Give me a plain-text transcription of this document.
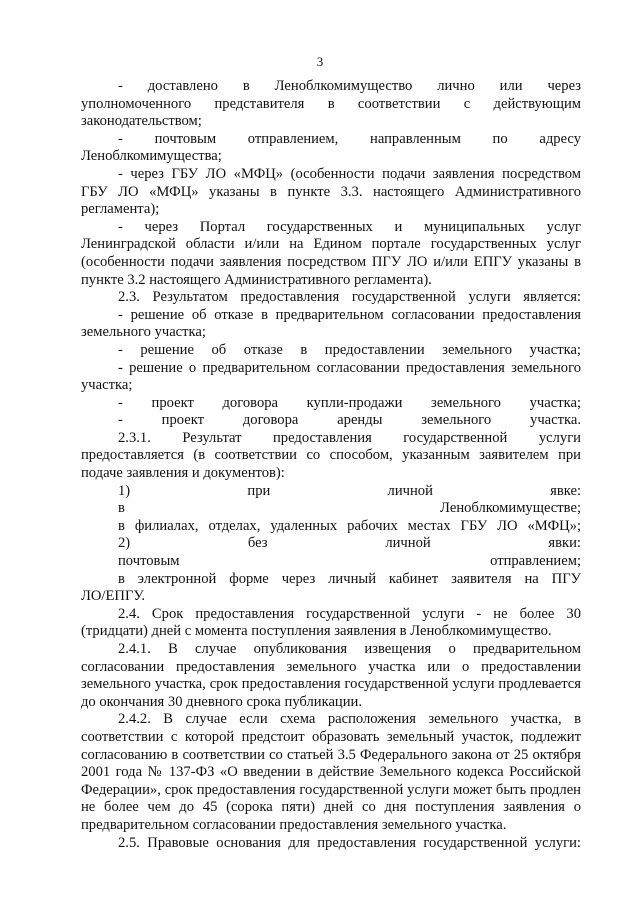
3
-    доставлено    в    Леноблкомимущество    лично    или    через
уполномоченного представителя в соответствии с действующим законодательством;
-    почтовым    отправлением,    направленным    по    адресу
Леноблкомимущества;
- через ГБУ ЛО «МФЦ» (особенности подачи заявления посредством
ГБУ ЛО «МФЦ» указаны в пункте 3.3. настоящего Административного регламента);
-    через    Портал    государственных    и    муниципальных    услуг
Ленинградской области и/или на Едином портале государственных услуг (особенности подачи заявления посредством ПГУ ЛО и/или ЕПГУ указаны в пункте 3.2 настоящего Административного регламента).
2.3. Результатом предоставления государственной услуги является:
- решение об отказе в предварительном согласовании предоставления
земельного участка;
- решение об отказе в предоставлении земельного участка;
- решение о предварительном согласовании предоставления земельного
участка;
- проект договора купли-продажи земельного участка;
- проект договора аренды земельного участка.
2.3.1.    Результат    предоставления    государственной    услуги
предоставляется (в соответствии со способом, указанным заявителем при подаче заявления и документов):
1) при личной явке:
в Леноблкомимуществе;
в филиалах, отделах, удаленных рабочих местах ГБУ ЛО «МФЦ»;
2) без личной явки:
почтовым отправлением;
в электронной форме через личный кабинет заявителя на ПГУ
ЛО/ЕПГУ.
2.4. Срок предоставления государственной услуги - не более 30
(тридцати) дней с момента поступления заявления в Леноблкомимущество.
2.4.1. В случае опубликования извещения о предварительном
согласовании предоставления земельного участка или о предоставлении земельного участка, срок предоставления государственной услуги продлевается до окончания 30 дневного срока публикации.
2.4.2. В случае если схема расположения земельного участка, в
соответствии с которой предстоит образовать земельный участок, подлежит согласованию в соответствии со статьей 3.5 Федерального закона от 25 октября 2001 года № 137-ФЗ «О введении в действие Земельного кодекса Российской Федерации», срок предоставления государственной услуги может быть продлен не более чем до 45 (сорока пяти) дней со дня поступления заявления о предварительном согласовании предоставления земельного участка.
2.5. Правовые основания для предоставления государственной услуги:
